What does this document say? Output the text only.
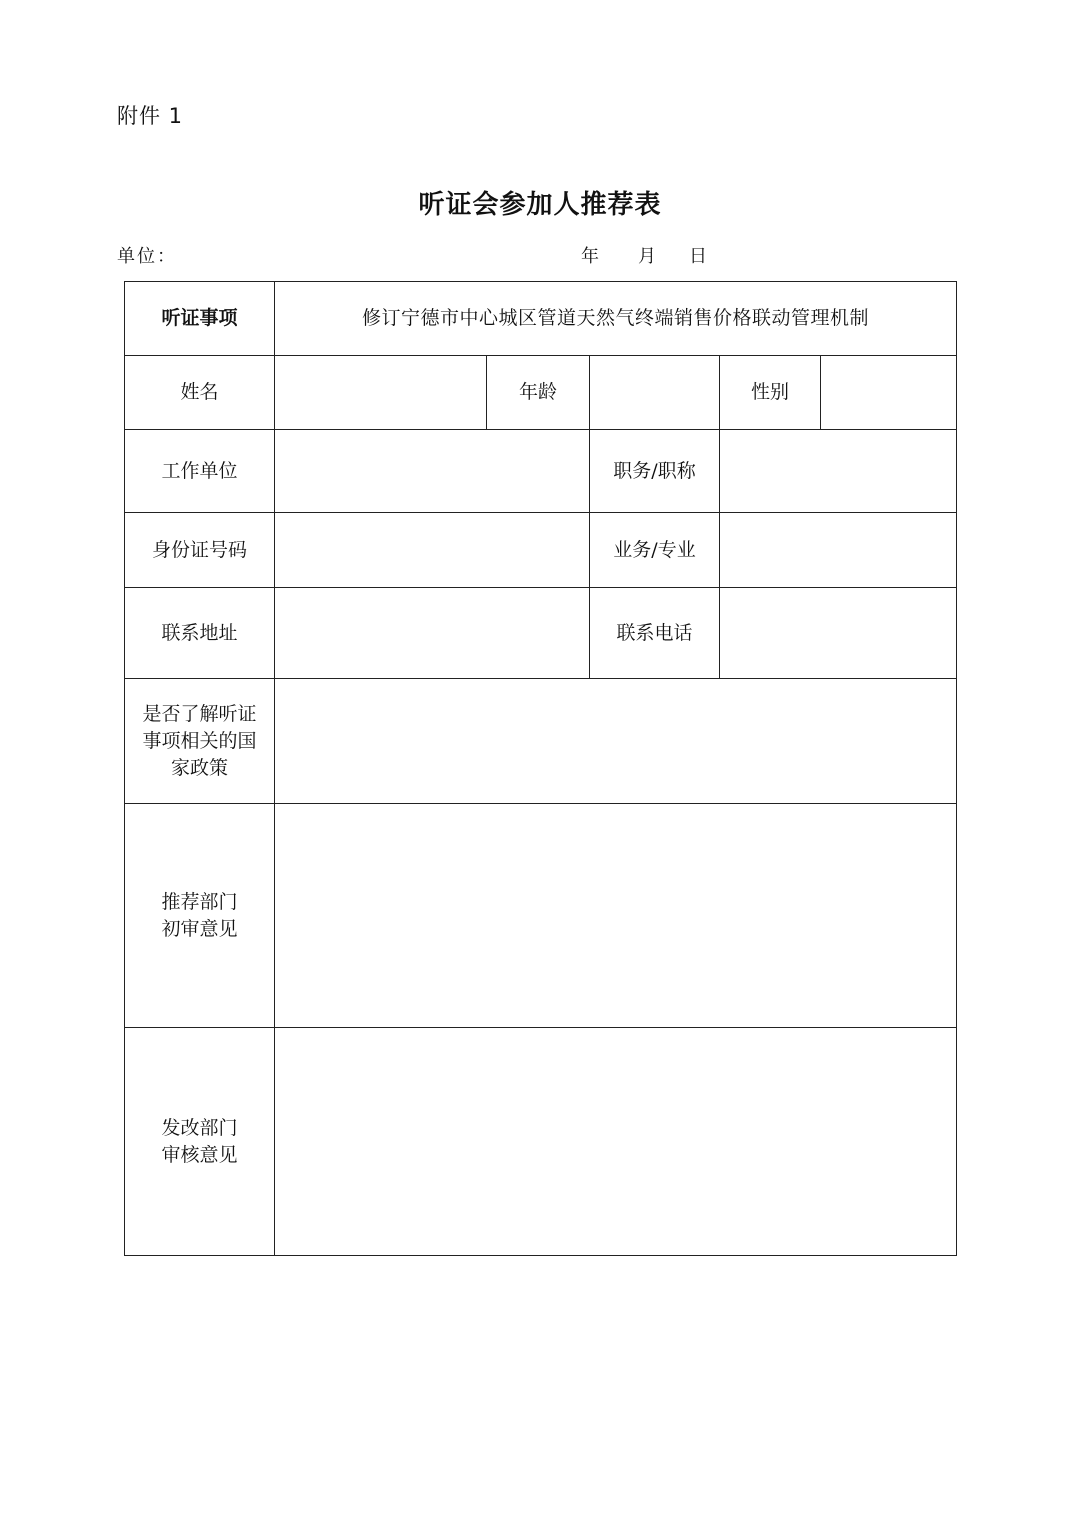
附件 1
听证会参加人推荐表
单位：	年 月 日
听证事项	修订宁德市中心城区管道天然气终端销售价格联动管理机制				
姓名		年龄		性别	
工作单位			职务/职称		
身份证号码			业务/专业		
联系地址			联系电话		

是否了解听证
事项相关的国
家政策					

推荐部门
初审意见					

发改部门
审核意见					
